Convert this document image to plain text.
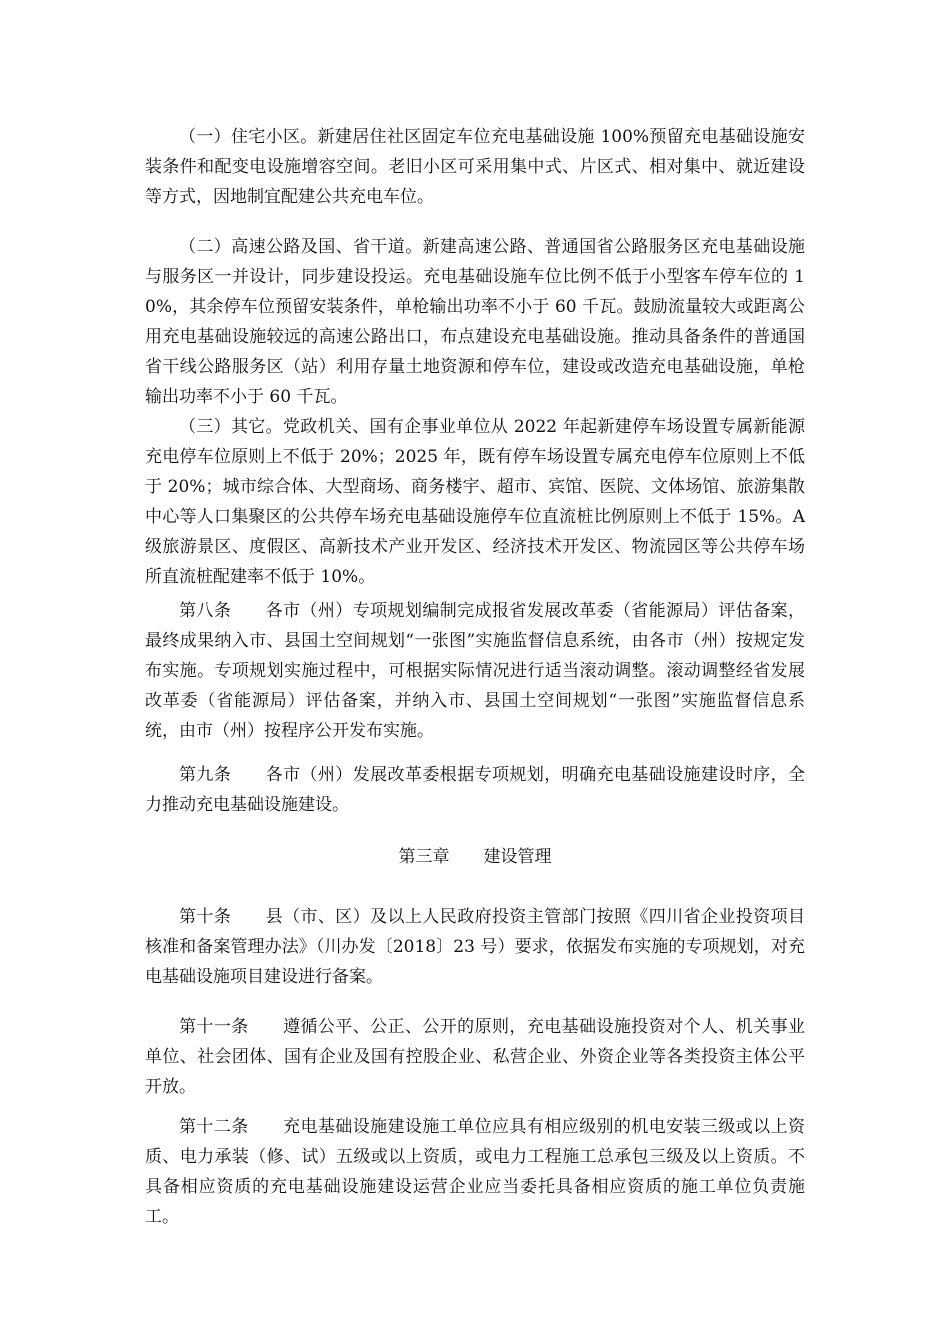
（一）住宅小区。新建居住社区固定车位充电基础设施 100%预留充电基础设施安装条件和配变电设施增容空间。老旧小区可采用集中式、片区式、相对集中、就近建设等方式，因地制宜配建公共充电车位。

（二）高速公路及国、省干道。新建高速公路、普通国省公路服务区充电基础设施与服务区一并设计，同步建设投运。充电基础设施车位比例不低于小型客车停车位的 10%，其余停车位预留安装条件，单枪输出功率不小于 60 千瓦。鼓励流量较大或距离公用充电基础设施较远的高速公路出口，布点建设充电基础设施。推动具备条件的普通国省干线公路服务区（站）利用存量土地资源和停车位，建设或改造充电基础设施，单枪输出功率不小于 60 千瓦。

（三）其它。党政机关、国有企事业单位从 2022 年起新建停车场设置专属新能源充电停车位原则上不低于 20%；2025 年，既有停车场设置专属充电停车位原则上不低于 20%；城市综合体、大型商场、商务楼宇、超市、宾馆、医院、文体场馆、旅游集散中心等人口集聚区的公共停车场充电基础设施停车位直流桩比例原则上不低于 15%。A 级旅游景区、度假区、高新技术产业开发区、经济技术开发区、物流园区等公共停车场所直流桩配建率不低于 10%。

第八条 各市（州）专项规划编制完成报省发展改革委（省能源局）评估备案，最终成果纳入市、县国土空间规划“一张图”实施监督信息系统，由各市（州）按规定发布实施。专项规划实施过程中，可根据实际情况进行适当滚动调整。滚动调整经省发展改革委（省能源局）评估备案，并纳入市、县国土空间规划“一张图”实施监督信息系统，由市（州）按程序公开发布实施。

第九条 各市（州）发展改革委根据专项规划，明确充电基础设施建设时序，全力推动充电基础设施建设。

第三章 建设管理

第十条 县（市、区）及以上人民政府投资主管部门按照《四川省企业投资项目核准和备案管理办法》（川办发〔2018〕23 号）要求，依据发布实施的专项规划，对充电基础设施项目建设进行备案。

第十一条 遵循公平、公正、公开的原则，充电基础设施投资对个人、机关事业单位、社会团体、国有企业及国有控股企业、私营企业、外资企业等各类投资主体公平开放。

第十二条 充电基础设施建设施工单位应具有相应级别的机电安装三级或以上资质、电力承装（修、试）五级或以上资质，或电力工程施工总承包三级及以上资质。不具备相应资质的充电基础设施建设运营企业应当委托具备相应资质的施工单位负责施工。
